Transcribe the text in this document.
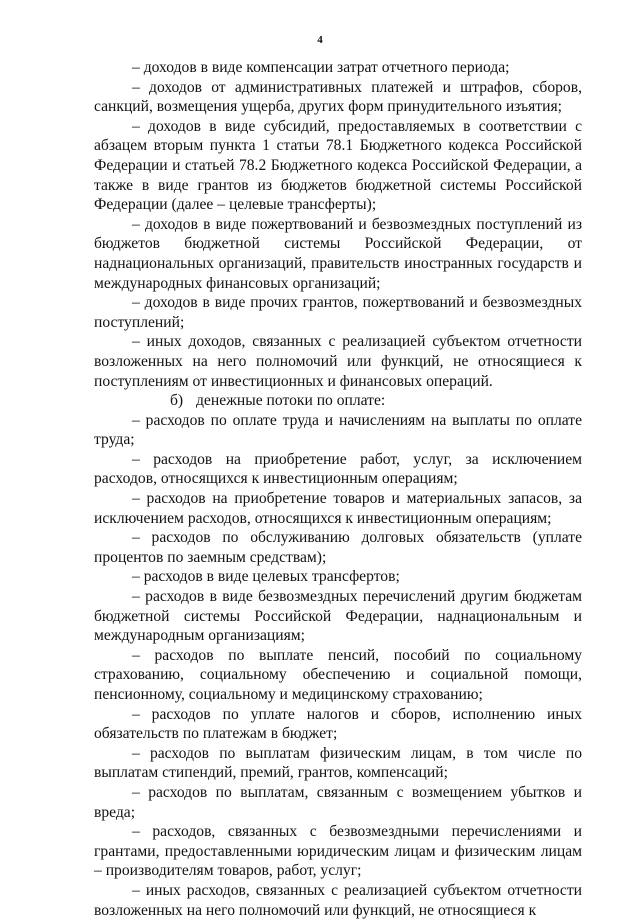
4

– доходов в виде компенсации затрат отчетного периода;

– доходов от административных платежей и штрафов, сборов, санкций, возмещения ущерба, других форм принудительного изъятия;

– доходов в виде субсидий, предоставляемых в соответствии с абзацем вторым пункта 1 статьи 78.1 Бюджетного кодекса Российской Федерации и статьей 78.2 Бюджетного кодекса Российской Федерации, а также в виде грантов из бюджетов бюджетной системы Российской Федерации (далее – целевые трансферты);

– доходов в виде пожертвований и безвозмездных поступлений из бюджетов бюджетной системы Российской Федерации, от наднациональных организаций, правительств иностранных государств и международных финансовых организаций;

– доходов в виде прочих грантов, пожертвований и безвозмездных поступлений;

– иных доходов, связанных с реализацией субъектом отчетности возложенных на него полномочий или функций, не относящиеся к поступлениям от инвестиционных и финансовых операций.

б) денежные потоки по оплате:

– расходов по оплате труда и начислениям на выплаты по оплате труда;

– расходов на приобретение работ, услуг, за исключением расходов, относящихся к инвестиционным операциям;

– расходов на приобретение товаров и материальных запасов, за исключением расходов, относящихся к инвестиционным операциям;

– расходов по обслуживанию долговых обязательств (уплате процентов по заемным средствам);

– расходов в виде целевых трансфертов;

– расходов в виде безвозмездных перечислений другим бюджетам бюджетной системы Российской Федерации, наднациональным и международным организациям;

– расходов по выплате пенсий, пособий по социальному страхованию, социальному обеспечению и социальной помощи, пенсионному, социальному и медицинскому страхованию;

– расходов по уплате налогов и сборов, исполнению иных обязательств по платежам в бюджет;

– расходов по выплатам физическим лицам, в том числе по выплатам стипендий, премий, грантов, компенсаций;

– расходов по выплатам, связанным с возмещением убытков и вреда;

– расходов, связанных с безвозмездными перечислениями и грантами, предоставленными юридическим лицам и физическим лицам – производителям товаров, работ, услуг;

– иных расходов, связанных с реализацией субъектом отчетности возложенных на него полномочий или функций, не относящиеся к
